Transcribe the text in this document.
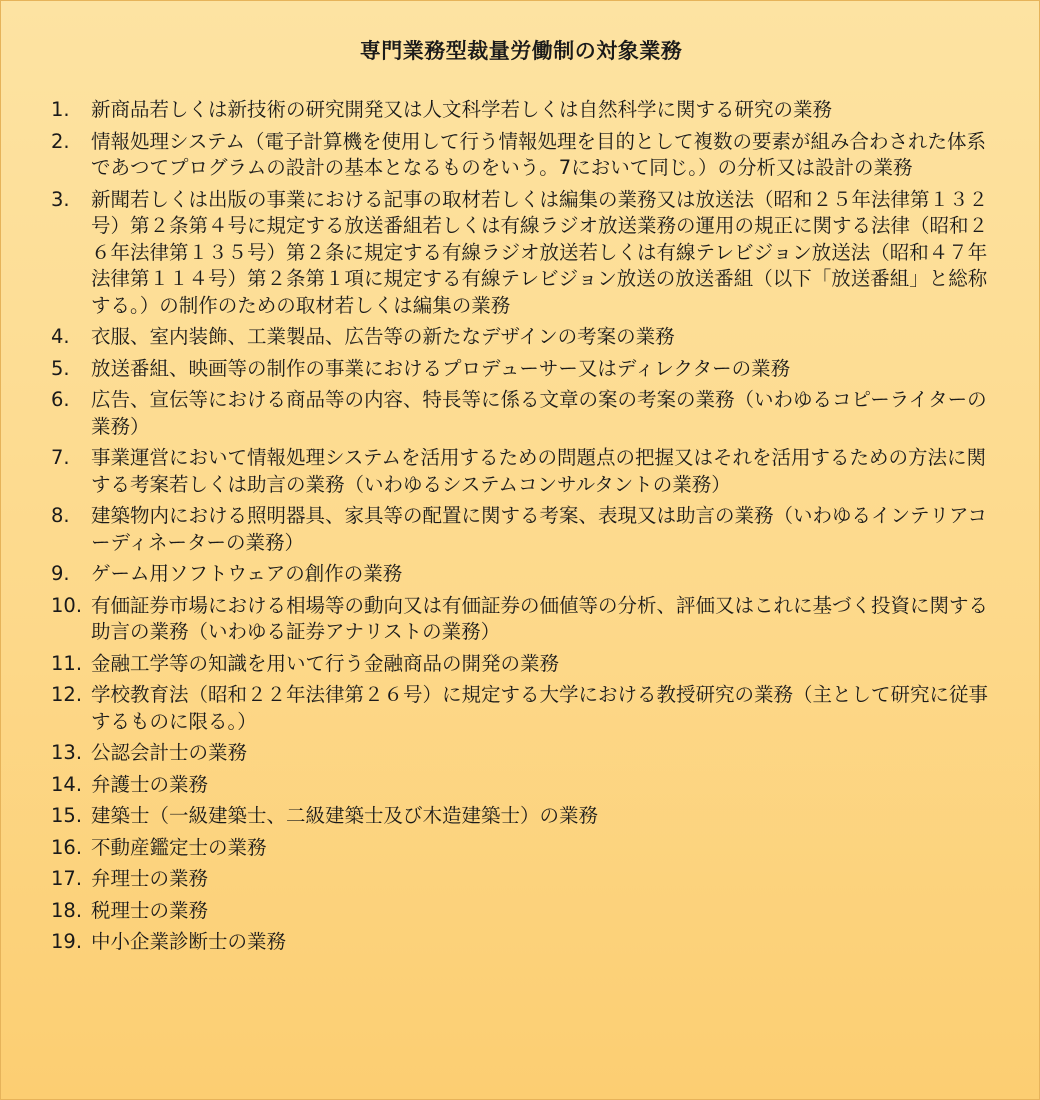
専門業務型裁量労働制の対象業務
1.	新商品若しくは新技術の研究開発又は人文科学若しくは自然科学に関する研究の業務
2.	情報処理システム（電子計算機を使用して行う情報処理を目的として複数の要素が組み合わされた体系であつてプログラムの設計の基本となるものをいう。7において同じ。）の分析又は設計の業務
3.	新聞若しくは出版の事業における記事の取材若しくは編集の業務又は放送法（昭和２５年法律第１３２号）第２条第４号に規定する放送番組若しくは有線ラジオ放送業務の運用の規正に関する法律（昭和２６年法律第１３５号）第２条に規定する有線ラジオ放送若しくは有線テレビジョン放送法（昭和４７年法律第１１４号）第２条第１項に規定する有線テレビジョン放送の放送番組（以下「放送番組」と総称する。）の制作のための取材若しくは編集の業務
4.	衣服、室内装飾、工業製品、広告等の新たなデザインの考案の業務
5.	放送番組、映画等の制作の事業におけるプロデューサー又はディレクターの業務
6.	広告、宣伝等における商品等の内容、特長等に係る文章の案の考案の業務（いわゆるコピーライターの業務）
7.	事業運営において情報処理システムを活用するための問題点の把握又はそれを活用するための方法に関する考案若しくは助言の業務（いわゆるシステムコンサルタントの業務）
8.	建築物内における照明器具、家具等の配置に関する考案、表現又は助言の業務（いわゆるインテリアコーディネーターの業務）
9.	ゲーム用ソフトウェアの創作の業務
10. 有価証券市場における相場等の動向又は有価証券の価値等の分析、評価又はこれに基づく投資に関する助言の業務（いわゆる証券アナリストの業務）
11. 金融工学等の知識を用いて行う金融商品の開発の業務
12. 学校教育法（昭和２２年法律第２６号）に規定する大学における教授研究の業務（主として研究に従事するものに限る。）
13. 公認会計士の業務
14. 弁護士の業務
15. 建築士（一級建築士、二級建築士及び木造建築士）の業務
16. 不動産鑑定士の業務
17. 弁理士の業務
18. 税理士の業務
19. 中小企業診断士の業務
